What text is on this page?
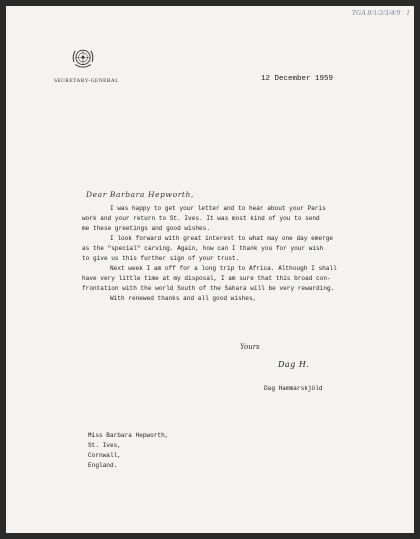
TGA 8/1/2/3/4/9 1
SECRETARY-GENERAL	12 December 1959
Dear Barbara Hepworth,
I was happy to get your letter and to hear about your Paris
work and your return to St. Ives. It was most kind of you to send
me these greetings and good wishes.
I look forward with great interest to what may one day emerge
as the "special" carving. Again, how can I thank you for your wish
to give us this further sign of your trust.
Next week I am off for a long trip to Africa. Although I shall
have very little time at my disposal, I am sure that this broad con-
frontation with the world South of the Sahara will be very rewarding.
With renewed thanks and all good wishes,
Yours
Dag H.
Dag Hammarskjöld
Miss Barbara Hepworth,
St. Ives,
Cornwall,
England.
